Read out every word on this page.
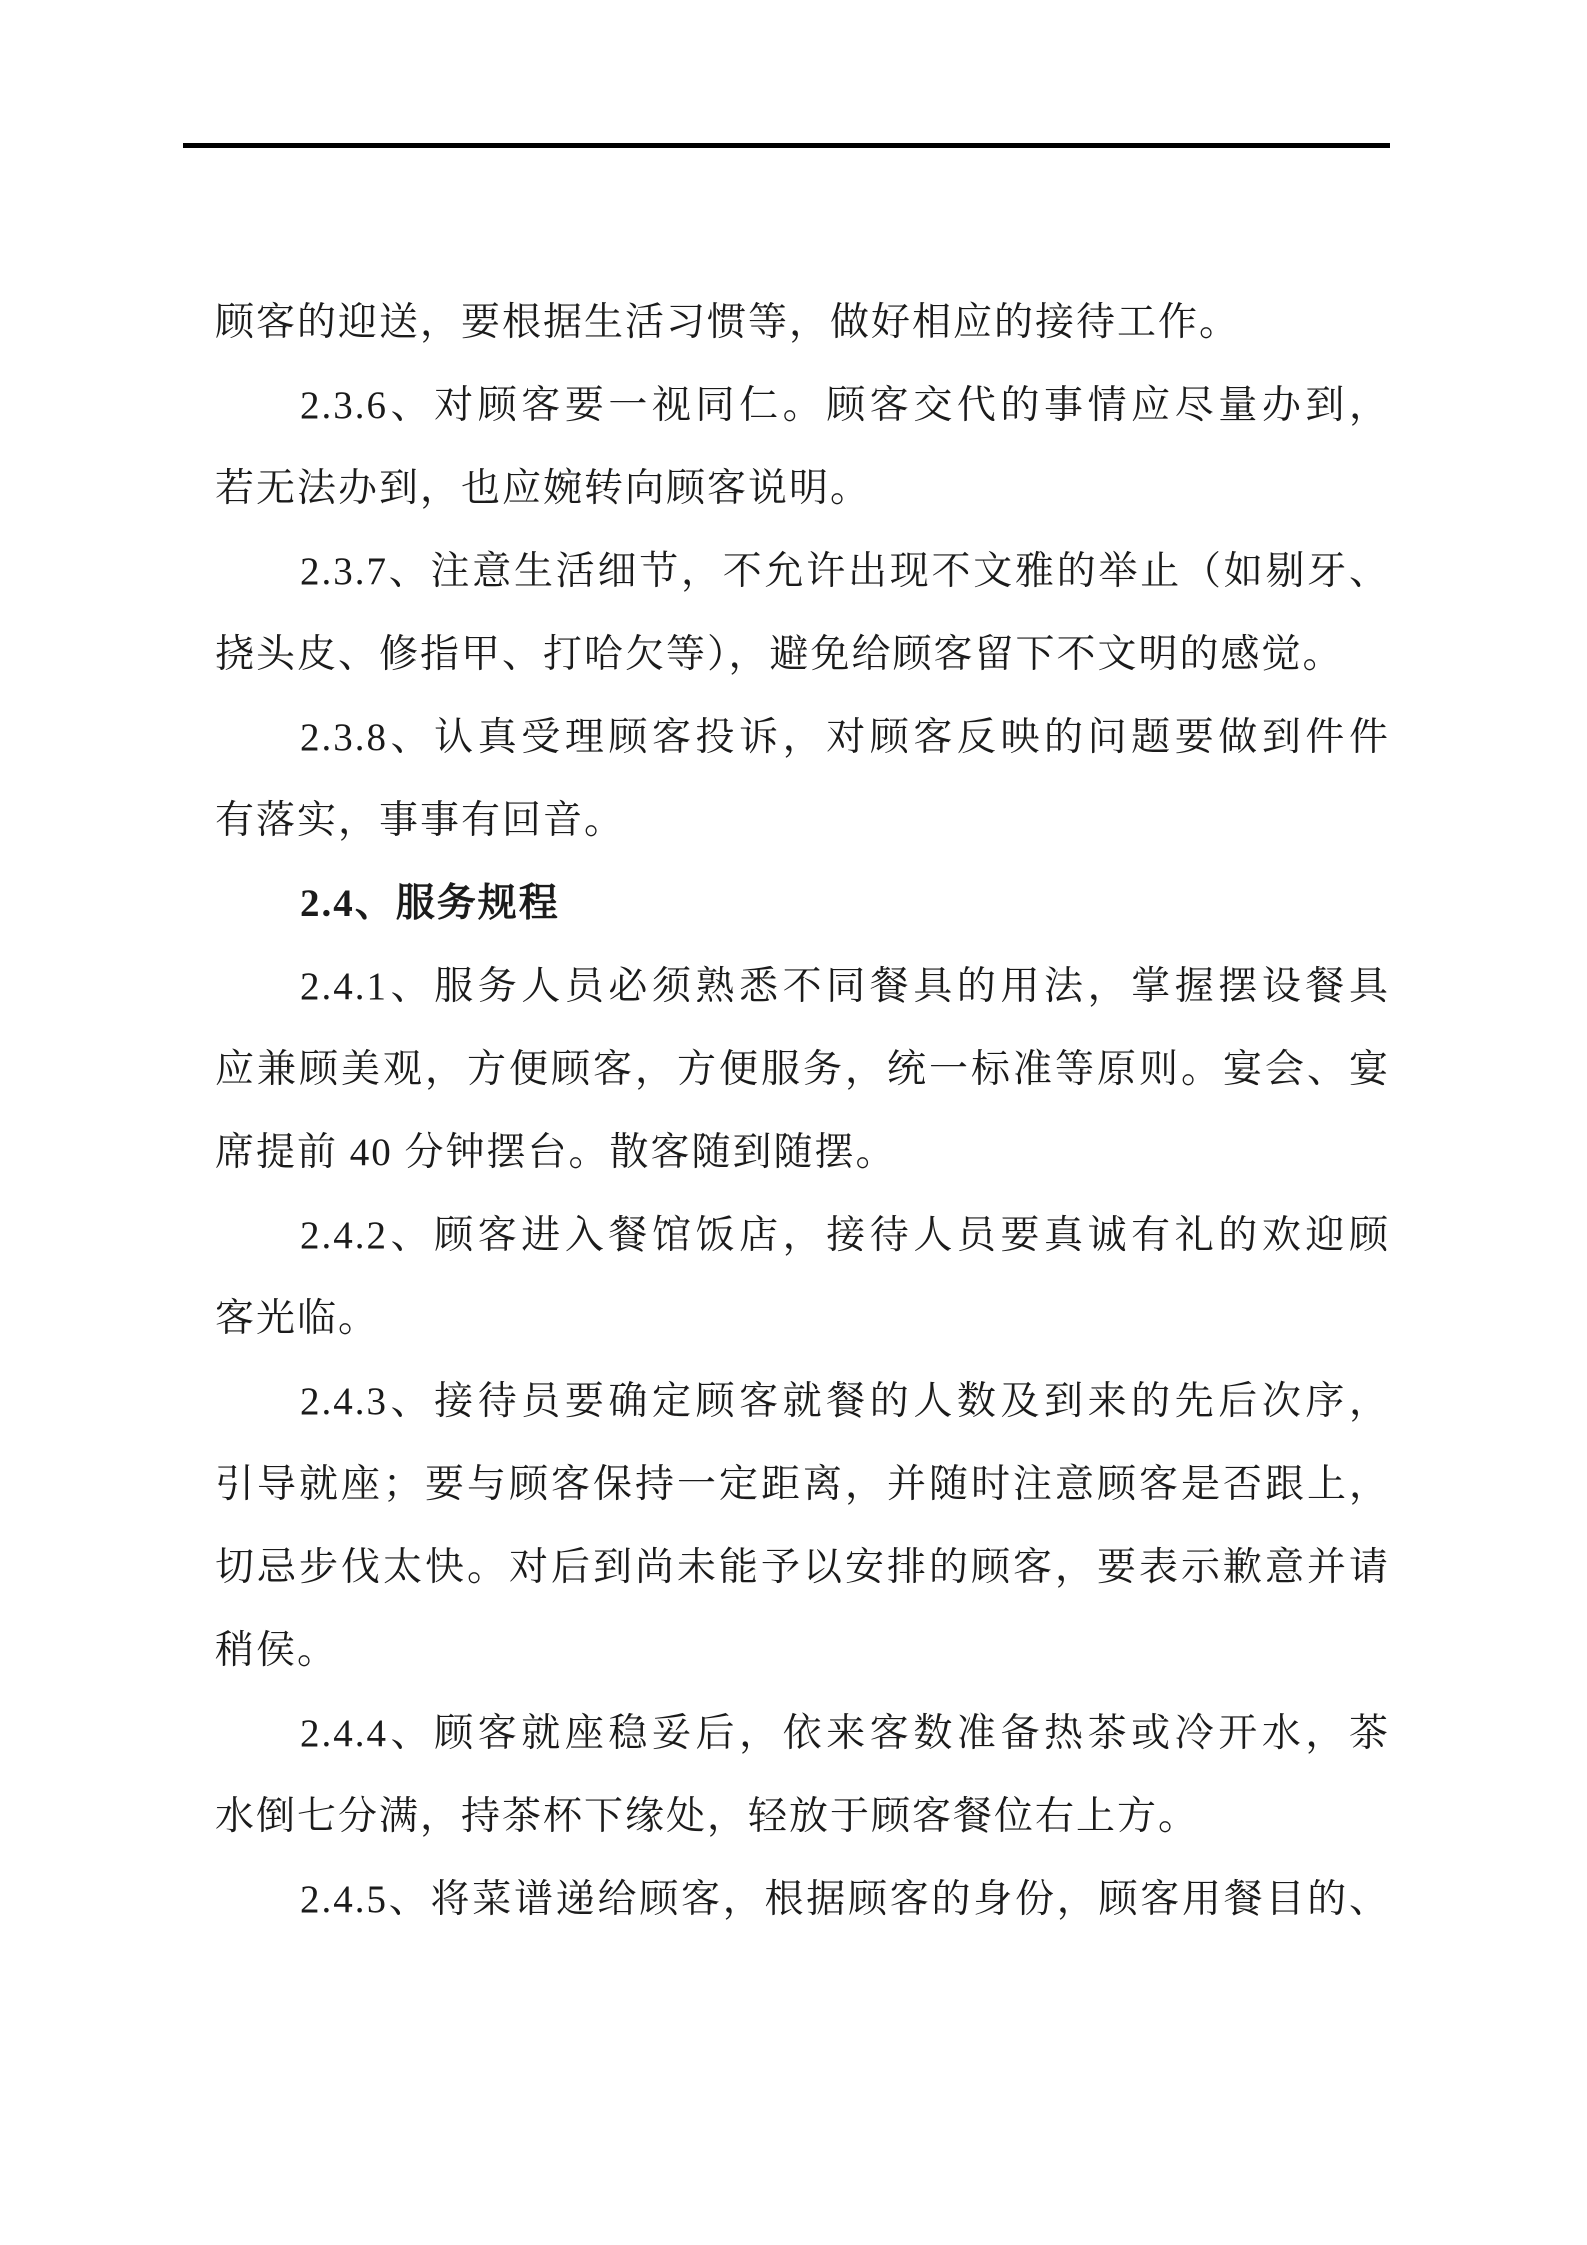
顾客的迎送，要根据生活习惯等，做好相应的接待工作。
2.3.6、对顾客要一视同仁。顾客交代的事情应尽量办到，
若无法办到，也应婉转向顾客说明。
2.3.7、注意生活细节，不允许出现不文雅的举止（如剔牙、
挠头皮、修指甲、打哈欠等），避免给顾客留下不文明的感觉。
2.3.8、认真受理顾客投诉，对顾客反映的问题要做到件件
有落实，事事有回音。
2.4、服务规程
2.4.1、服务人员必须熟悉不同餐具的用法，掌握摆设餐具
应兼顾美观，方便顾客，方便服务，统一标准等原则。宴会、宴
席提前 40 分钟摆台。散客随到随摆。
2.4.2、顾客进入餐馆饭店，接待人员要真诚有礼的欢迎顾
客光临。
2.4.3、接待员要确定顾客就餐的人数及到来的先后次序，
引导就座；要与顾客保持一定距离，并随时注意顾客是否跟上，
切忌步伐太快。对后到尚未能予以安排的顾客，要表示歉意并请
稍侯。
2.4.4、顾客就座稳妥后，依来客数准备热茶或冷开水，茶
水倒七分满，持茶杯下缘处，轻放于顾客餐位右上方。
2.4.5、将菜谱递给顾客，根据顾客的身份，顾客用餐目的、
